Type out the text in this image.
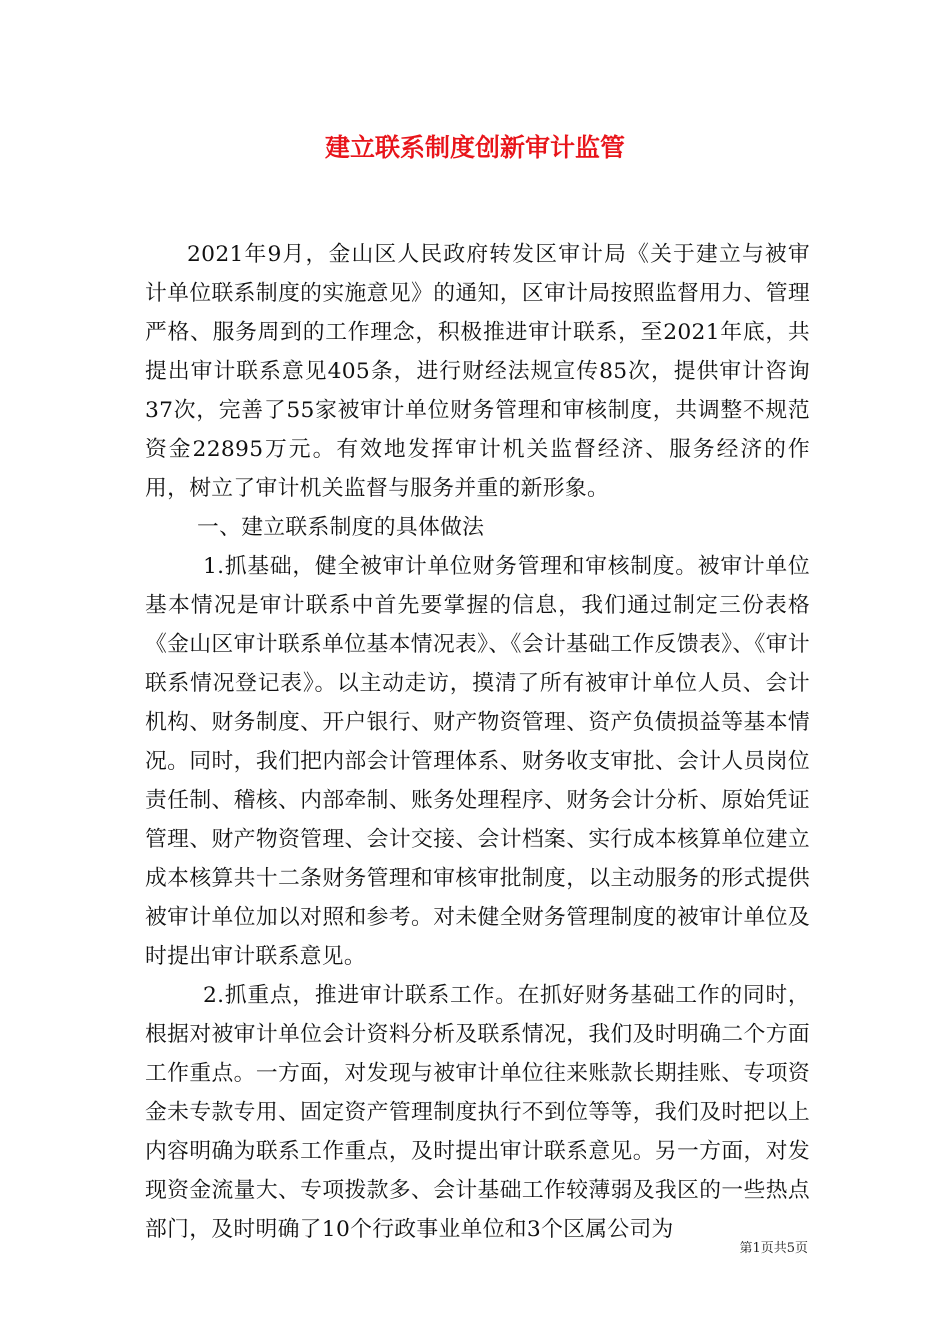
建立联系制度创新审计监管

2021年9月，金山区人民政府转发区审计局《关于建立与被审计单位联系制度的实施意见》的通知，区审计局按照监督用力、管理严格、服务周到的工作理念，积极推进审计联系，至2021年底，共提出审计联系意见405条，进行财经法规宣传85次，提供审计咨询37次，完善了55家被审计单位财务管理和审核制度，共调整不规范资金22895万元。有效地发挥审计机关监督经济、服务经济的作用，树立了审计机关监督与服务并重的新形象。

一、建立联系制度的具体做法

1.抓基础，健全被审计单位财务管理和审核制度。被审计单位基本情况是审计联系中首先要掌握的信息，我们通过制定三份表格《金山区审计联系单位基本情况表》、《会计基础工作反馈表》、《审计联系情况登记表》。以主动走访，摸清了所有被审计单位人员、会计机构、财务制度、开户银行、财产物资管理、资产负债损益等基本情况。同时，我们把内部会计管理体系、财务收支审批、会计人员岗位责任制、稽核、内部牵制、账务处理程序、财务会计分析、原始凭证管理、财产物资管理、会计交接、会计档案、实行成本核算单位建立成本核算共十二条财务管理和审核审批制度，以主动服务的形式提供被审计单位加以对照和参考。对未健全财务管理制度的被审计单位及时提出审计联系意见。

2.抓重点，推进审计联系工作。在抓好财务基础工作的同时，根据对被审计单位会计资料分析及联系情况，我们及时明确二个方面工作重点。一方面，对发现与被审计单位往来账款长期挂账、专项资金未专款专用、固定资产管理制度执行不到位等等，我们及时把以上内容明确为联系工作重点，及时提出审计联系意见。另一方面，对发现资金流量大、专项拨款多、会计基础工作较薄弱及我区的一些热点部门，及时明确了10个行政事业单位和3个区属公司为

第1页共5页
